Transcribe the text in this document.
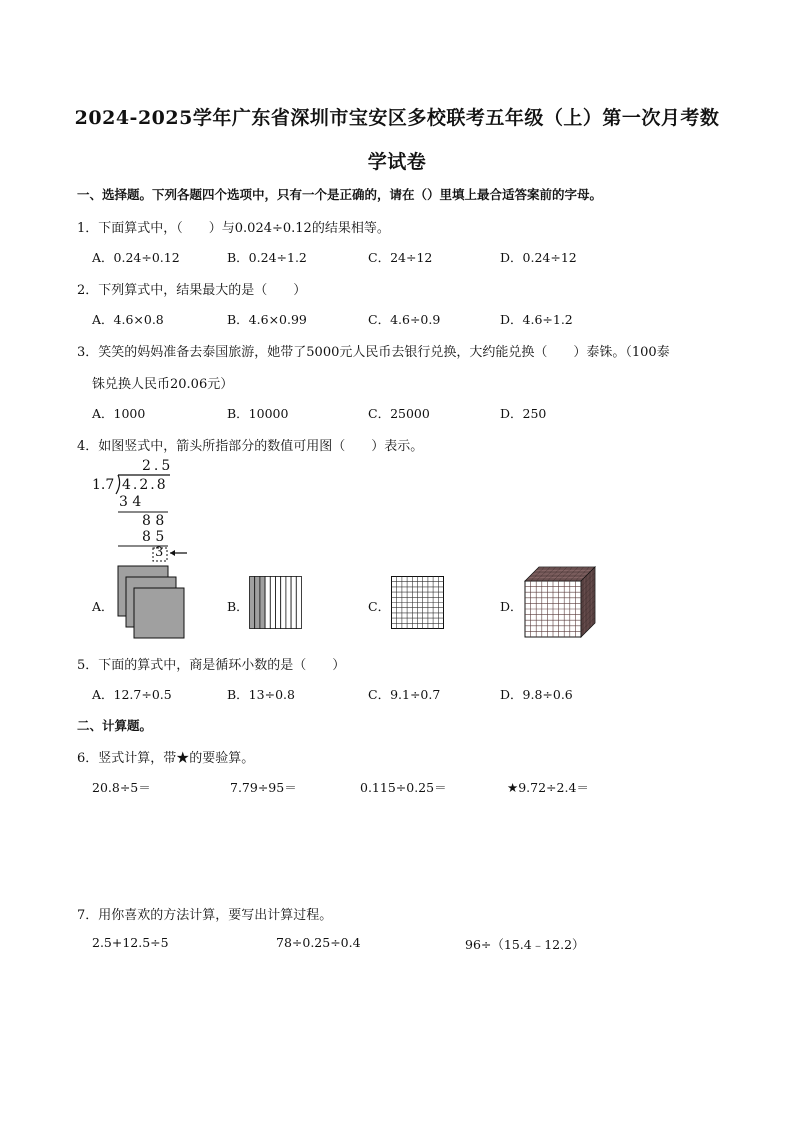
2024-2025学年广东省深圳市宝安区多校联考五年级（上）第一次月考数
学试卷
一、选择题。下列各题四个选项中，只有一个是正确的，请在（）里填上最合适答案前的字母。
1．下面算式中，（　　）与0.024÷0.12的结果相等。
A．0.24÷0.12	B．0.24÷1.2	C．24÷12	D．0.24÷12
2．下列算式中，结果最大的是（　　）
A．4.6×0.8	B．4.6×0.99	C．4.6÷0.9	D．4.6÷1.2
3．笑笑的妈妈准备去泰国旅游，她带了5000元人民币去银行兑换，大约能兑换（　　）泰铢。（100泰
铢兑换人民币20.06元）
A．1000	B．10000	C．25000	D．250
4．如图竖式中，箭头所指部分的数值可用图（　　）表示。
2.5
1.7 4.2.8
3 4
8 8
8 5
3
A．	B．	C．	D．
5．下面的算式中，商是循环小数的是（　　）
A．12.7÷0.5	B．13÷0.8	C．9.1÷0.7	D．9.8÷0.6
二、计算题。
6．竖式计算，带★的要验算。
20.8÷5＝	7.79÷95＝	0.115÷0.25＝	★9.72÷2.4＝
7．用你喜欢的方法计算，要写出计算过程。
2.5+12.5÷5	78÷0.25÷0.4	96÷（15.4﹣12.2）
